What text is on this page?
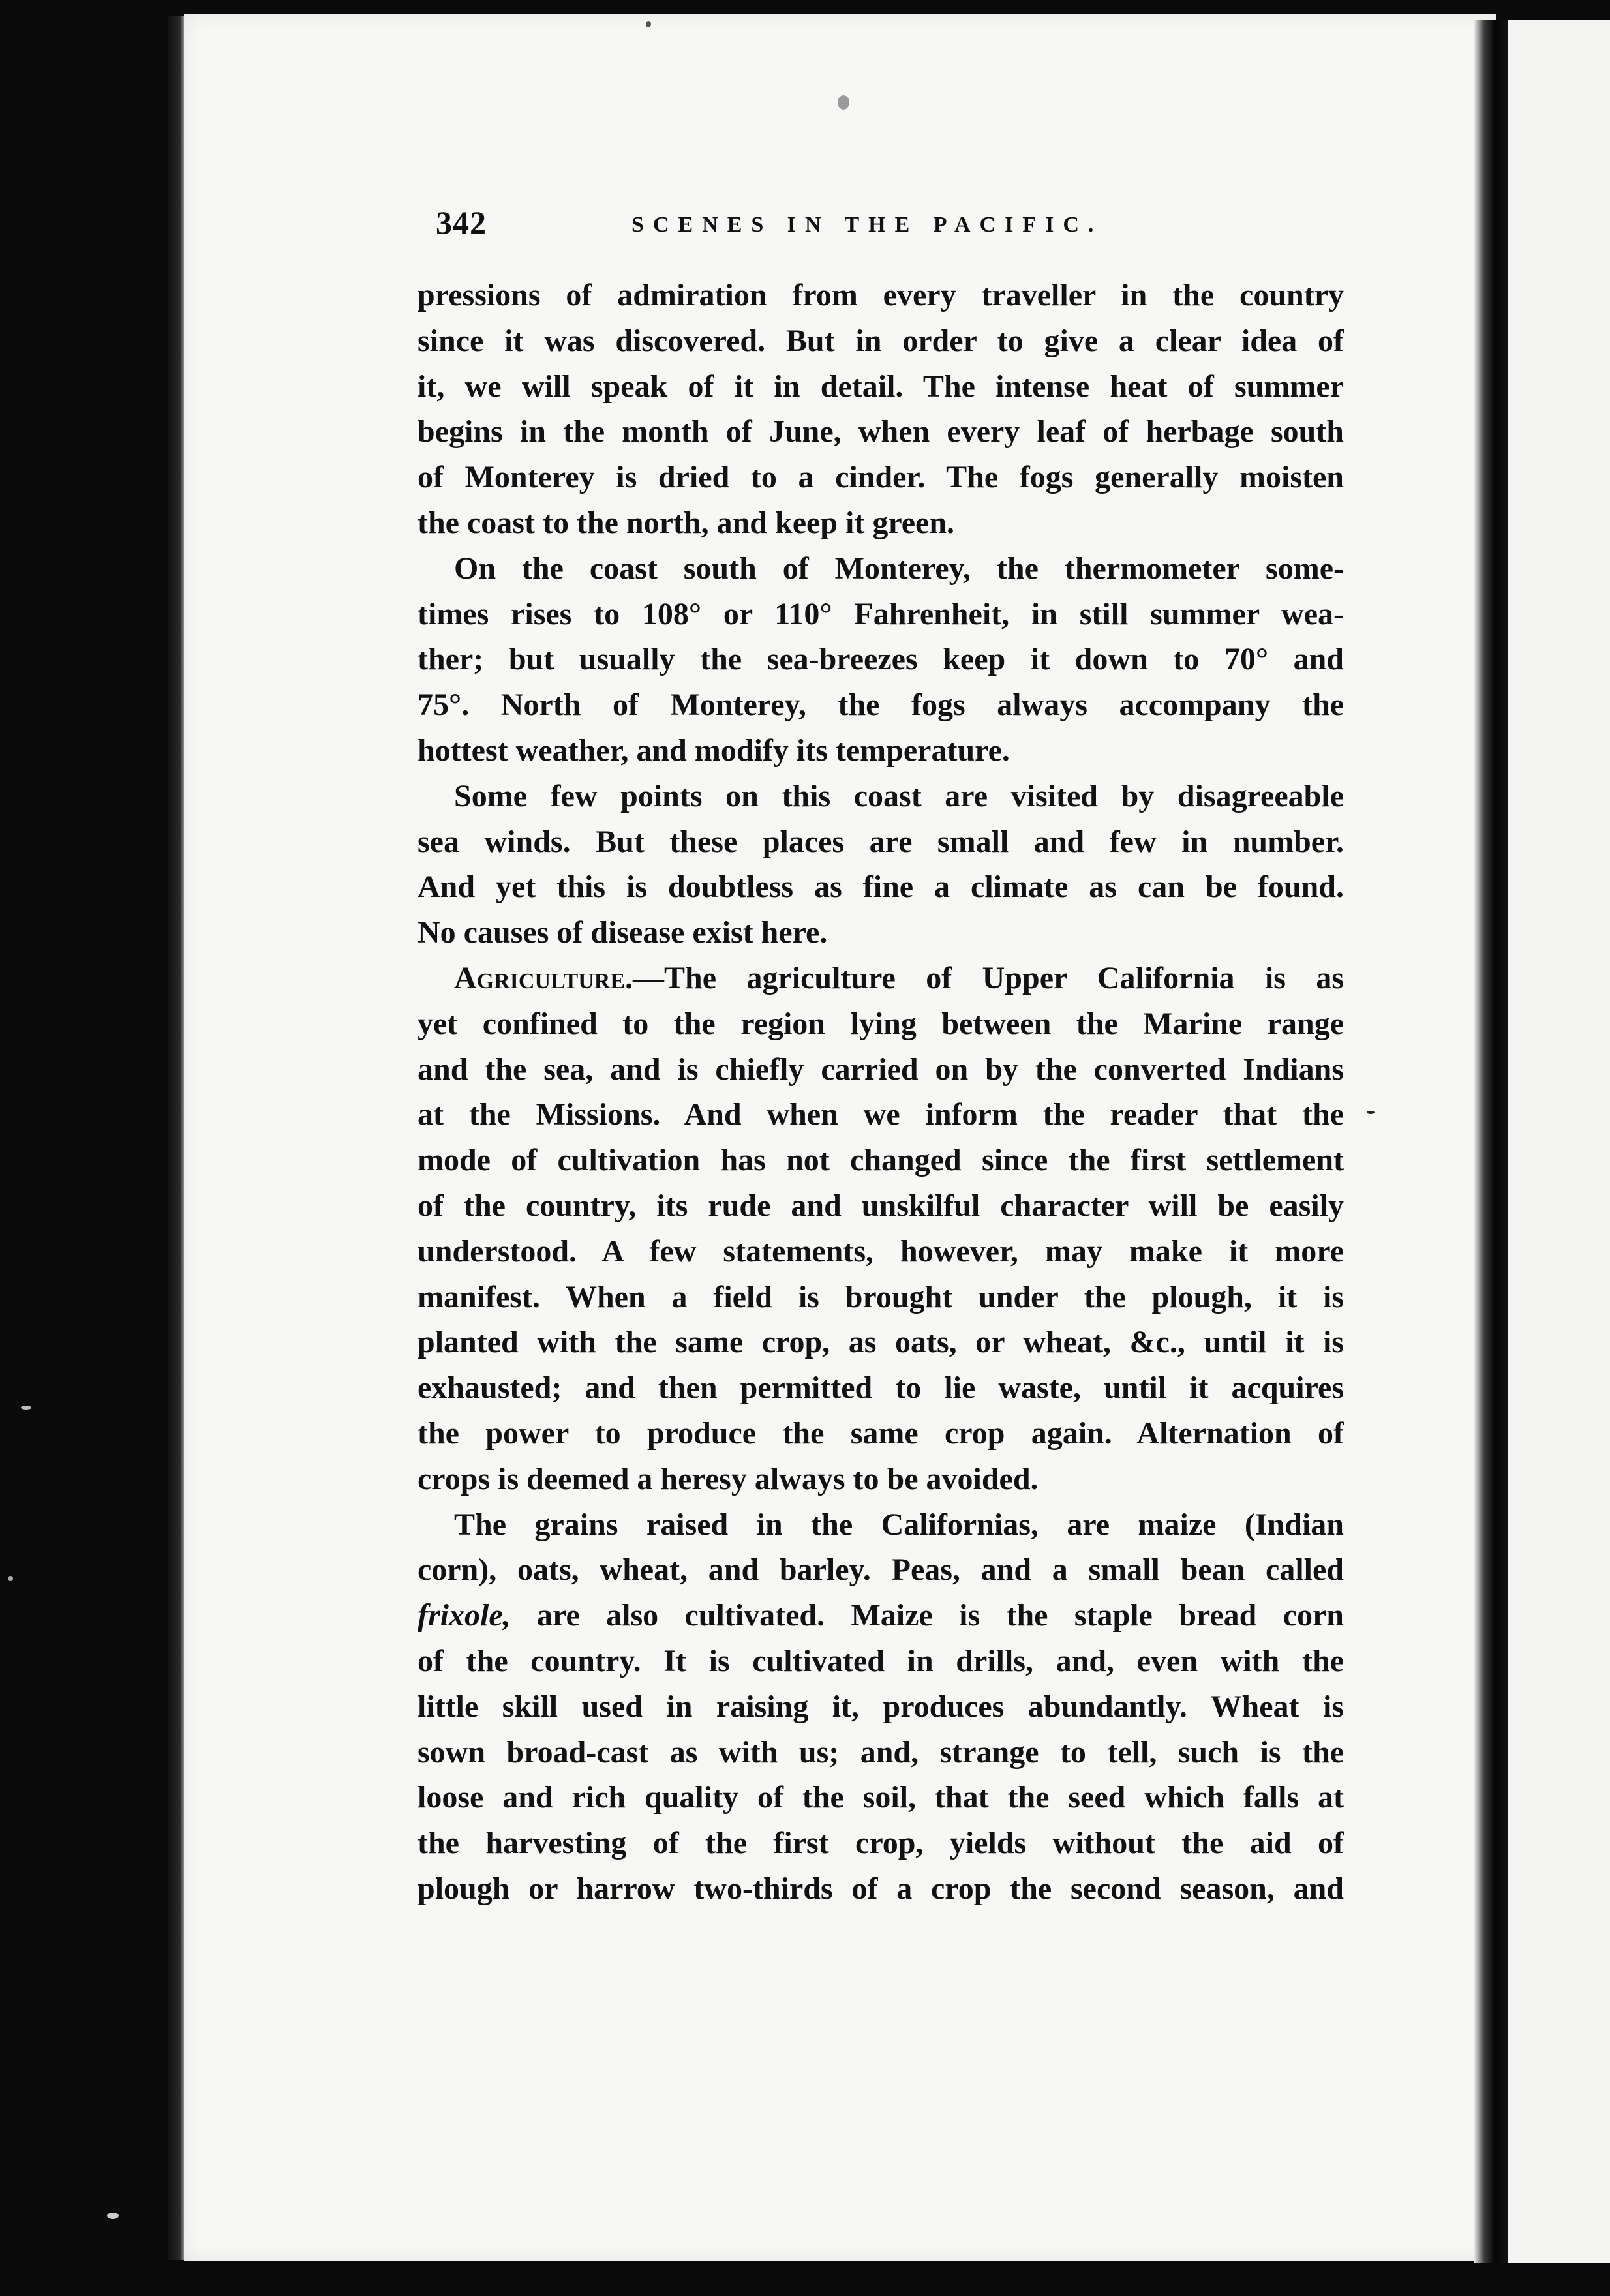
342	SCENES IN THE PACIFIC.
pressions of admiration from every traveller in the country
since it was discovered. But in order to give a clear idea of
it, we will speak of it in detail. The intense heat of summer
begins in the month of June, when every leaf of herbage south
of Monterey is dried to a cinder. The fogs generally moisten
the coast to the north, and keep it green.
On the coast south of Monterey, the thermometer some-
times rises to 108° or 110° Fahrenheit, in still summer wea-
ther; but usually the sea-breezes keep it down to 70° and
75°. North of Monterey, the fogs always accompany the
hottest weather, and modify its temperature.
Some few points on this coast are visited by disagreeable
sea winds. But these places are small and few in number.
And yet this is doubtless as fine a climate as can be found.
No causes of disease exist here.
Agriculture.—The agriculture of Upper California is as
yet confined to the region lying between the Marine range
and the sea, and is chiefly carried on by the converted Indians
at the Missions. And when we inform the reader that the
mode of cultivation has not changed since the first settlement
of the country, its rude and unskilful character will be easily
understood. A few statements, however, may make it more
manifest. When a field is brought under the plough, it is
planted with the same crop, as oats, or wheat, &c., until it is
exhausted; and then permitted to lie waste, until it acquires
the power to produce the same crop again. Alternation of
crops is deemed a heresy always to be avoided.
The grains raised in the Californias, are maize (Indian
corn), oats, wheat, and barley. Peas, and a small bean called
frixole, are also cultivated. Maize is the staple bread corn
of the country. It is cultivated in drills, and, even with the
little skill used in raising it, produces abundantly. Wheat is
sown broad-cast as with us; and, strange to tell, such is the
loose and rich quality of the soil, that the seed which falls at
the harvesting of the first crop, yields without the aid of
plough or harrow two-thirds of a crop the second season, and
